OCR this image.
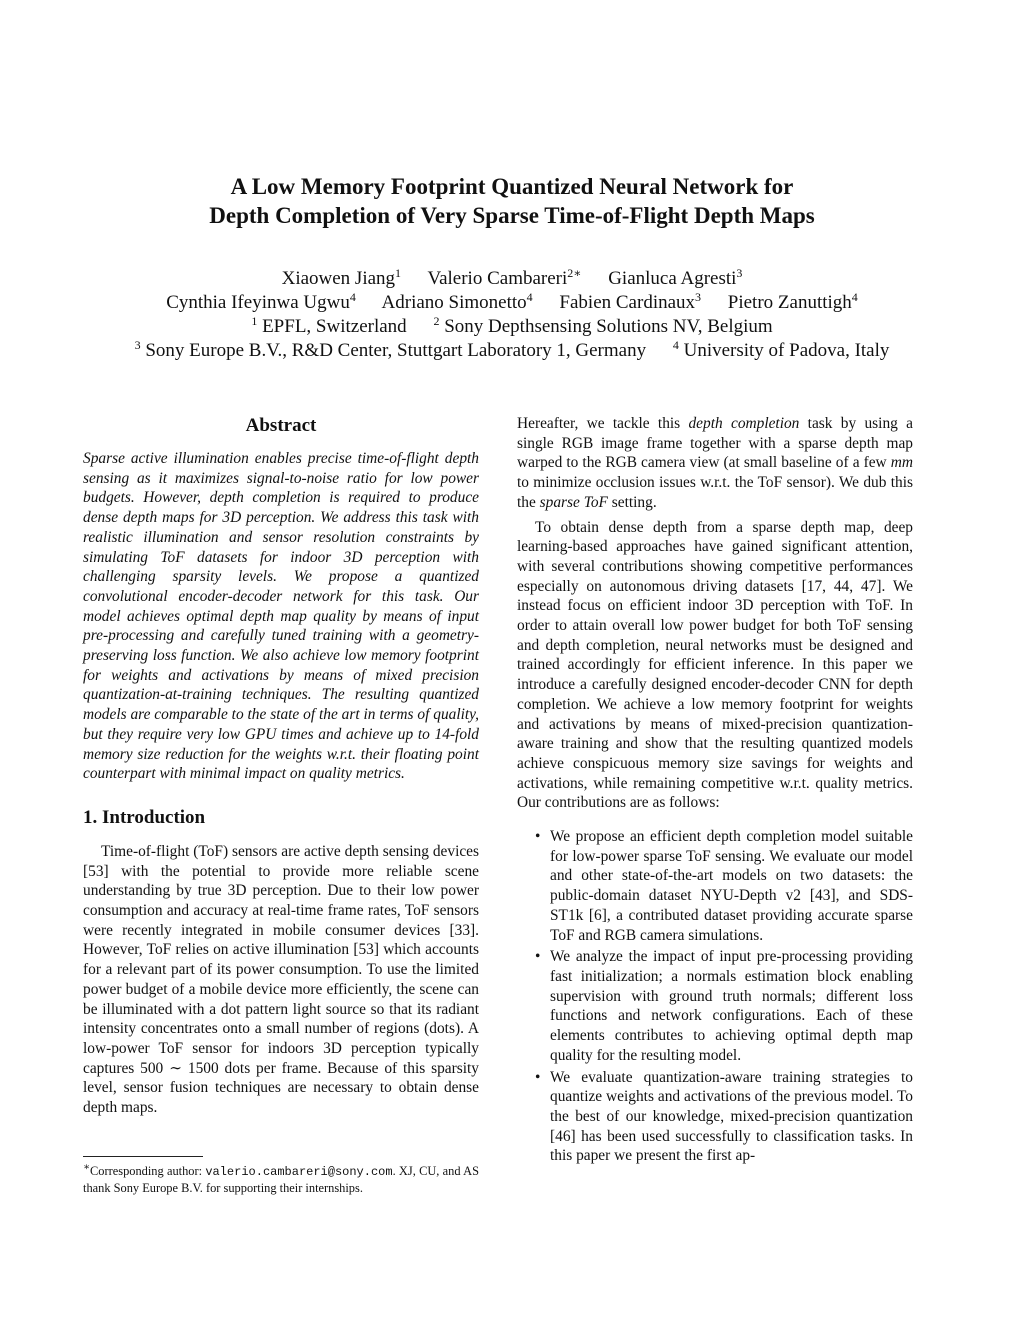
A Low Memory Footprint Quantized Neural Network for
Depth Completion of Very Sparse Time-of-Flight Depth Maps
Xiaowen Jiang$^1$ Valerio Cambareri$^{2∗}$ Gianluca Agresti$^3$
Cynthia Ifeyinwa Ugwu$^4$ Adriano Simonetto$^4$ Fabien Cardinaux$^3$ Pietro Zanuttigh$^4$
$^1$ EPFL, Switzerland $^2$ Sony Depthsensing Solutions NV, Belgium
$^3$ Sony Europe B.V., R&D Center, Stuttgart Laboratory 1, Germany $^4$ University of Padova, Italy
Abstract

Sparse active illumination enables precise time-of-flight depth sensing as it maximizes signal-to-noise ratio for low power budgets. However, depth completion is required to produce dense depth maps for 3D perception. We address this task with realistic illumination and sensor resolution constraints by simulating ToF datasets for indoor 3D perception with challenging sparsity levels. We propose a quantized convolutional encoder-decoder network for this task. Our model achieves optimal depth map quality by means of input pre-processing and carefully tuned training with a geometry-preserving loss function. We also achieve low memory footprint for weights and activations by means of mixed precision quantization-at-training techniques. The resulting quantized models are comparable to the state of the art in terms of quality, but they require very low GPU times and achieve up to 14-fold memory size reduction for the weights w.r.t. their floating point counterpart with minimal impact on quality metrics.

1. Introduction

Time-of-flight (ToF) sensors are active depth sensing devices [53] with the potential to provide more reliable scene understanding by true 3D perception. Due to their low power consumption and accuracy at real-time frame rates, ToF sensors were recently integrated in mobile consumer devices [33]. However, ToF relies on active illumination [53] which accounts for a relevant part of its power consumption. To use the limited power budget of a mobile device more efficiently, the scene can be illuminated with a dot pattern light source so that its radiant intensity concentrates onto a small number of regions (dots). A low-power ToF sensor for indoors 3D perception typically captures 500 ∼ 1500 dots per frame. Because of this sparsity level, sensor fusion techniques are necessary to obtain dense depth maps.

Hereafter, we tackle this depth completion task by using a single RGB image frame together with a sparse depth map warped to the RGB camera view (at small baseline of a few mm to minimize occlusion issues w.r.t. the ToF sensor). We dub this the sparse ToF setting.

To obtain dense depth from a sparse depth map, deep learning-based approaches have gained significant attention, with several contributions showing competitive performances especially on autonomous driving datasets [17, 44, 47]. We instead focus on efficient indoor 3D perception with ToF. In order to attain overall low power budget for both ToF sensing and depth completion, neural networks must be designed and trained accordingly for efficient inference. In this paper we introduce a carefully designed encoder-decoder CNN for depth completion. We achieve a low memory footprint for weights and activations by means of mixed-precision quantization-aware training and show that the resulting quantized models achieve conspicuous memory size savings for weights and activations, while remaining competitive w.r.t. quality metrics. Our contributions are as follows:

• We propose an efficient depth completion model suitable for low-power sparse ToF sensing. We evaluate our model and other state-of-the-art models on two datasets: the public-domain dataset NYU-Depth v2 [43], and SDS-ST1k [6], a contributed dataset providing accurate sparse ToF and RGB camera simulations.
• We analyze the impact of input pre-processing providing fast initialization; a normals estimation block enabling supervision with ground truth normals; different loss functions and network configurations. Each of these elements contributes to achieving optimal depth map quality for the resulting model.
• We evaluate quantization-aware training strategies to quantize weights and activations of the previous model. To the best of our knowledge, mixed-precision quantization [46] has been used successfully to classification tasks. In this paper we present the first ap-
∗Corresponding author: valerio.cambareri@sony.com. XJ, CU, and AS thank Sony Europe B.V. for supporting their internships.
